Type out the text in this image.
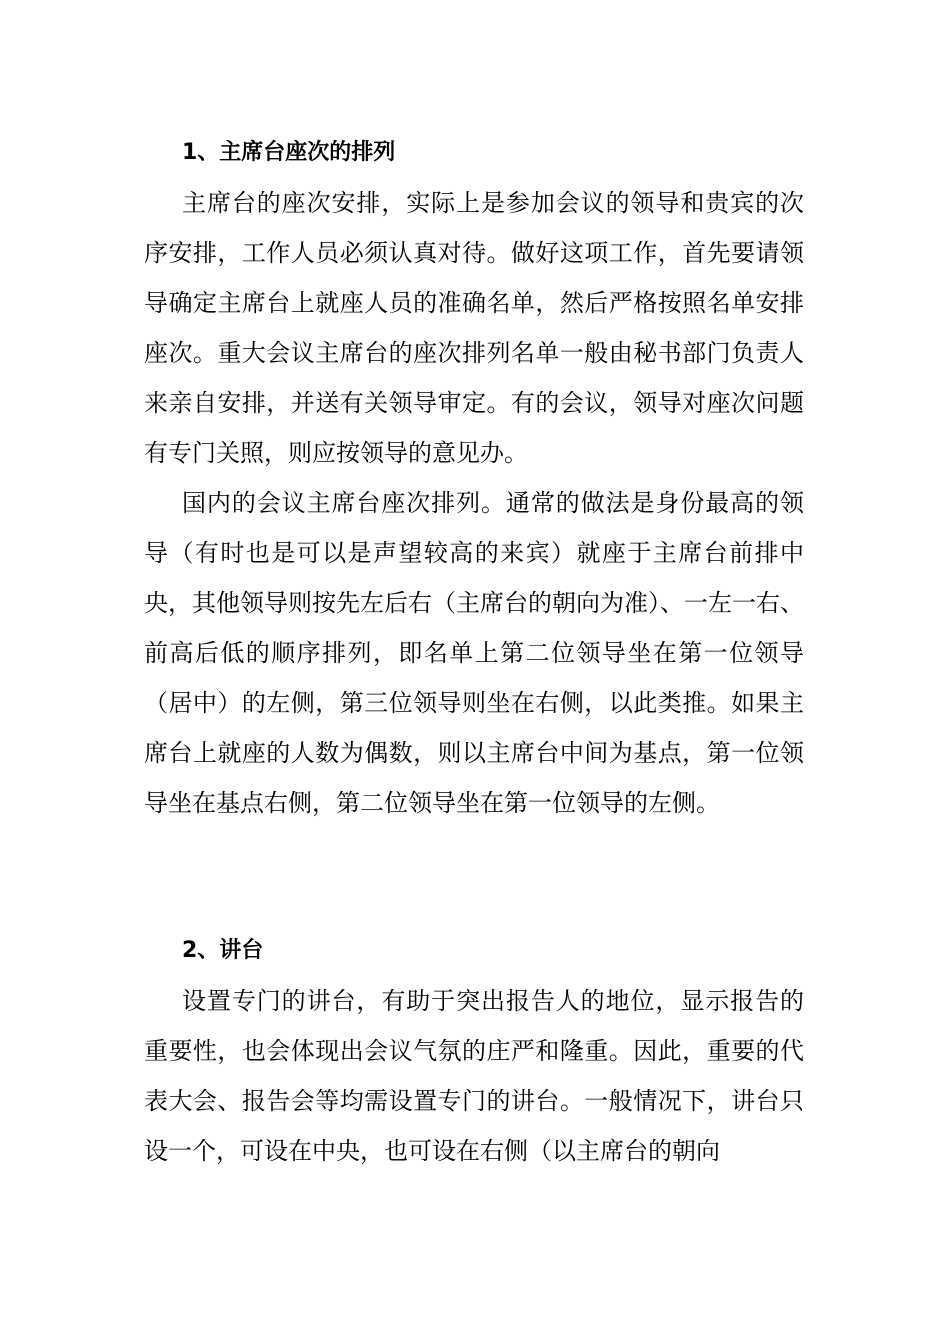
1、主席台座次的排列

主席台的座次安排，实际上是参加会议的领导和贵宾的次序安排，工作人员必须认真对待。做好这项工作，首先要请领导确定主席台上就座人员的准确名单，然后严格按照名单安排座次。重大会议主席台的座次排列名单一般由秘书部门负责人来亲自安排，并送有关领导审定。有的会议，领导对座次问题有专门关照，则应按领导的意见办。

国内的会议主席台座次排列。通常的做法是身份最高的领导（有时也是可以是声望较高的来宾）就座于主席台前排中央，其他领导则按先左后右（主席台的朝向为准）、一左一右、前高后低的顺序排列，即名单上第二位领导坐在第一位领导（居中）的左侧，第三位领导则坐在右侧，以此类推。如果主席台上就座的人数为偶数，则以主席台中间为基点，第一位领导坐在基点右侧，第二位领导坐在第一位领导的左侧。

2、讲台

设置专门的讲台，有助于突出报告人的地位，显示报告的重要性，也会体现出会议气氛的庄严和隆重。因此，重要的代表大会、报告会等均需设置专门的讲台。一般情况下，讲台只设一个，可设在中央，也可设在右侧（以主席台的朝向
